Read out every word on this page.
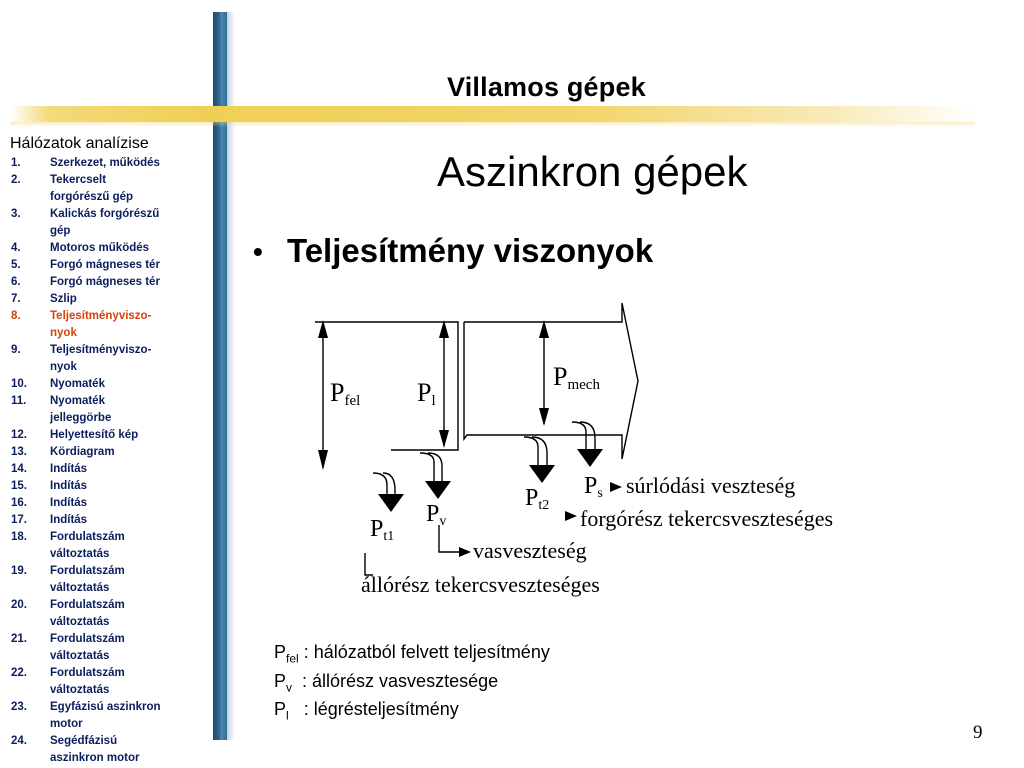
Villamos gépek
Hálózatok analízise
1.	Szerkezet, működés
2.	Tekercselt
forgórészű gép
3.	Kalickás forgórészű
gép
4.	Motoros működés
5.	Forgó mágneses tér
6.	Forgó mágneses tér
7.	Szlip
8.	Teljesítményviszo-
nyok
9.	Teljesítményviszo-
nyok
10. Nyomaték
11. Nyomaték
jelleggörbe
12. Helyettesítő kép
13. Kördiagram
14. Indítás
15. Indítás
16. Indítás
17. Indítás
18. Fordulatszám
változtatás
19. Fordulatszám
változtatás
20. Fordulatszám
változtatás
21. Fordulatszám
változtatás
22. Fordulatszám
változtatás
23. Egyfázisú aszinkron
motor
24. Segédfázisú
aszinkron motor
Aszinkron gépek
• Teljesítmény viszonyok
Pfel Pl
Pmech
Pt1
Pv
Pt2
Ps súrlódási veszteség
forgórész tekercsveszteséges
vasveszteség
állórész tekercsveszteséges
$P_{fel}$ : hálózatból felvett teljesítmény
$P_v$  : állórész vasvesztesége
$P_l$   : légrésteljesítmény
9
